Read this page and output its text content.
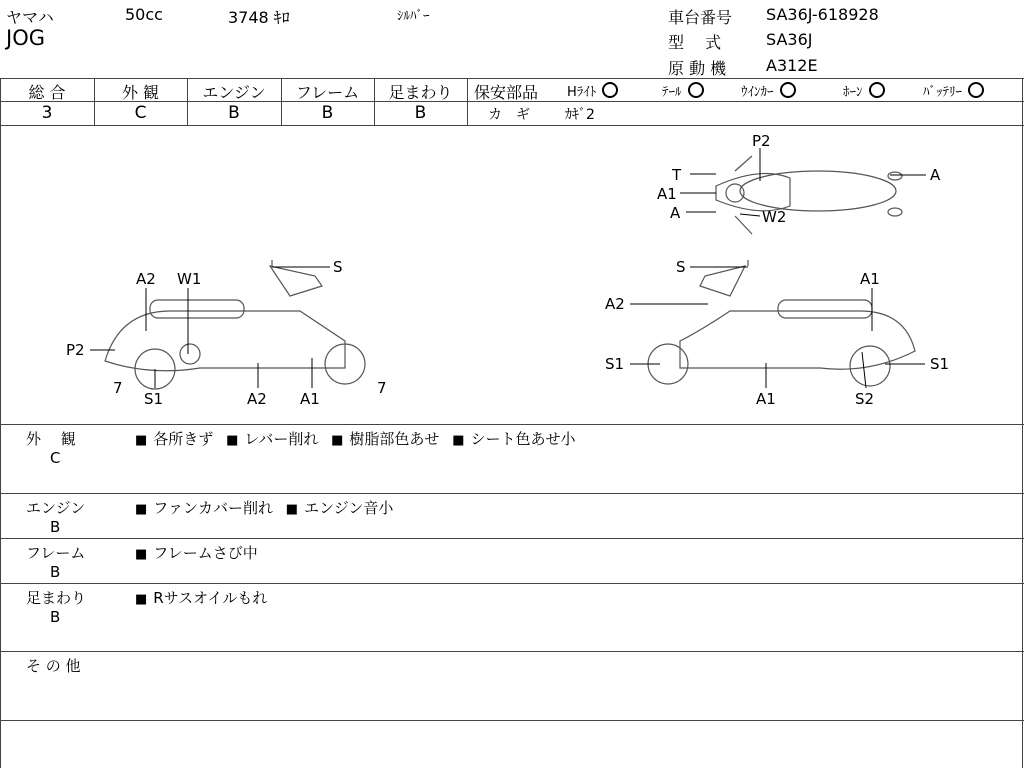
ヤマハ	50cc	3748 ｷﾛ	ｼﾙﾊﾞｰ
JOG
車台番号 SA36J-618928
型　 式	SA36J
原 動 機 A312E
総 合	外 観	エンジン	フレーム	足まわり
3	C	B	B	B
保安部品 Hﾗｲﾄ	ﾃｰﾙ	ｳｲﾝｶｰ	ﾎｰﾝ	ﾊﾞｯﾃﾘｰ
カ　ギ	ｶｷﾞ2
P2
T	A
A1
A	W2
A2 W1
S
P2
7
S1	A2 A1
7
S
A1
A2
S1
A1
S1
S2
外　 観
C
■ 各所きず ■ レバー削れ ■ 樹脂部色あせ ■ シート色あせ小
エンジン
B
■ ファンカバー削れ ■ エンジン音小
フレーム
B
■ フレームさび中
足まわり
B
■ Rサスオイルもれ
そ の 他
